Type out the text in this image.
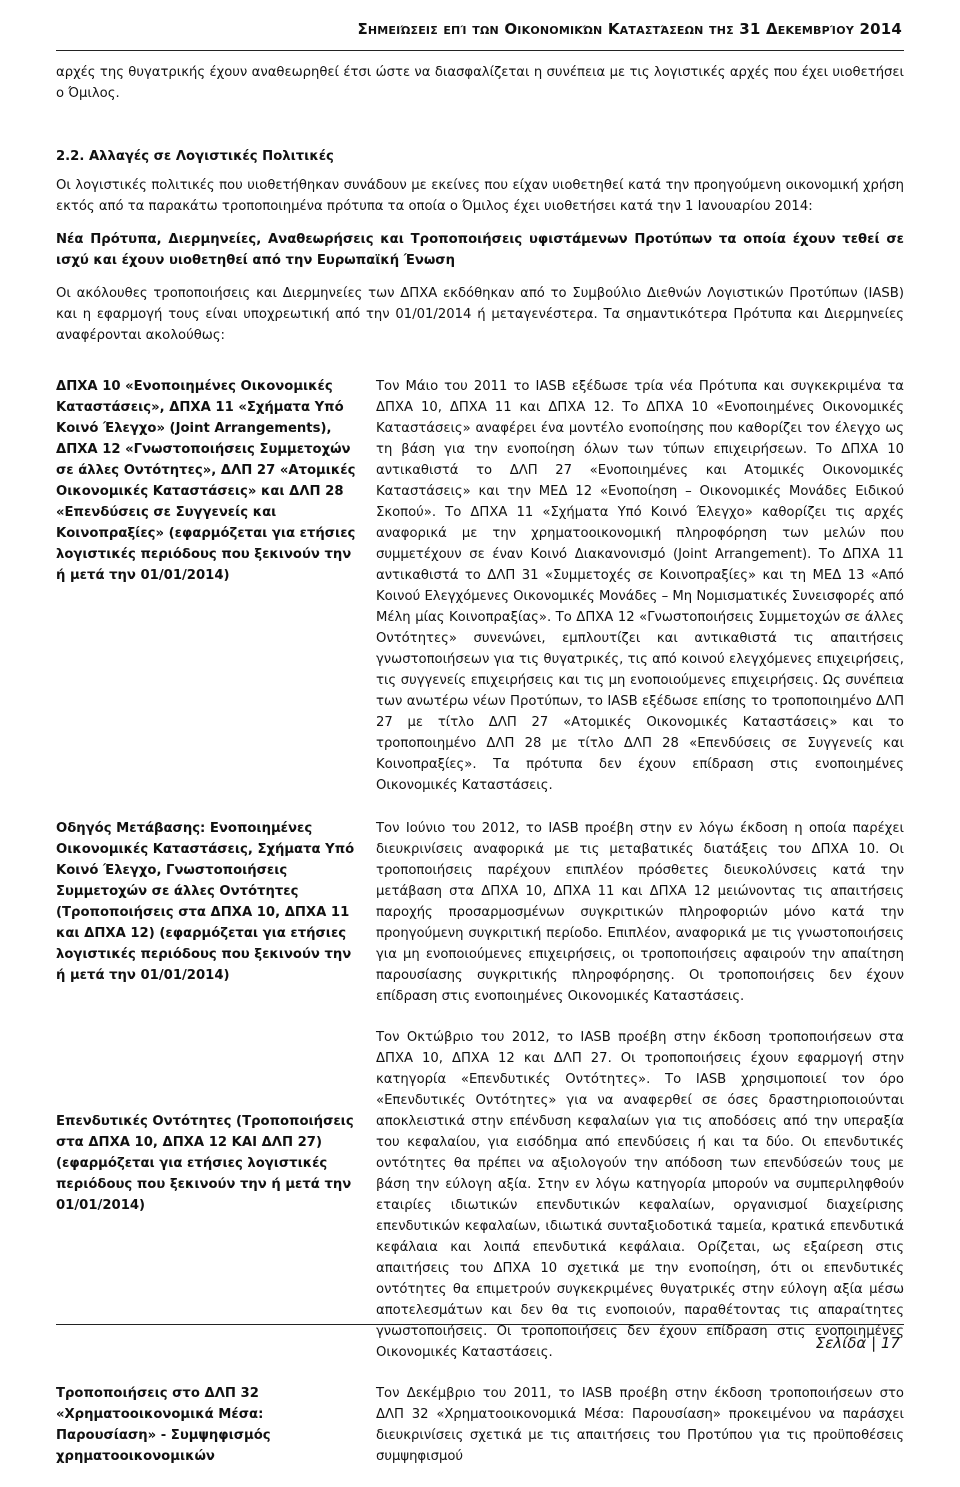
Σημειώσεις επί των Οικονομικών Καταστάσεων της 31 Δεκεμβρίου 2014

αρχές της θυγατρικής έχουν αναθεωρηθεί έτσι ώστε να διασφαλίζεται η συνέπεια με τις λογιστικές αρχές που έχει υιοθετήσει ο Όμιλος.

2.2. Αλλαγές σε Λογιστικές Πολιτικές

Οι λογιστικές πολιτικές που υιοθετήθηκαν συνάδουν με εκείνες που είχαν υιοθετηθεί κατά την προηγούμενη οικονομική χρήση εκτός από τα παρακάτω τροποποιημένα πρότυπα τα οποία ο Όμιλος έχει υιοθετήσει κατά την 1 Ιανουαρίου 2014:

Νέα Πρότυπα, Διερμηνείες, Αναθεωρήσεις και Τροποποιήσεις υφιστάμενων Προτύπων τα οποία έχουν τεθεί σε ισχύ και έχουν υιοθετηθεί από την Ευρωπαϊκή Ένωση

Οι ακόλουθες τροποποιήσεις και Διερμηνείες των ΔΠΧΑ εκδόθηκαν από το Συμβούλιο Διεθνών Λογιστικών Προτύπων (IASB) και η εφαρμογή τους είναι υποχρεωτική από την 01/01/2014 ή μεταγενέστερα. Τα σημαντικότερα Πρότυπα και Διερμηνείες αναφέρονται ακολούθως:

ΔΠΧΑ 10 «Ενοποιημένες Οικονομικές Καταστάσεις», ΔΠΧΑ 11 «Σχήματα Υπό Κοινό Έλεγχο» (Joint Arrangements), ΔΠΧΑ 12 «Γνωστοποιήσεις Συμμετοχών σε άλλες Οντότητες», ΔΛΠ 27 «Ατομικές Οικονομικές Καταστάσεις» και ΔΛΠ 28 «Επενδύσεις σε Συγγενείς και Κοινοπραξίες» (εφαρμόζεται για ετήσιες λογιστικές περιόδους που ξεκινούν την ή μετά την 01/01/2014)
Τον Μάιο του 2011 το IASB εξέδωσε τρία νέα Πρότυπα και συγκεκριμένα τα ΔΠΧΑ 10, ΔΠΧΑ 11 και ΔΠΧΑ 12. Το ΔΠΧΑ 10 «Ενοποιημένες Οικονομικές Καταστάσεις» αναφέρει ένα μοντέλο ενοποίησης που καθορίζει τον έλεγχο ως τη βάση για την ενοποίηση όλων των τύπων επιχειρήσεων. Το ΔΠΧΑ 10 αντικαθιστά το ΔΛΠ 27 «Ενοποιημένες και Ατομικές Οικονομικές Καταστάσεις» και την ΜΕΔ 12 «Ενοποίηση – Οικονομικές Μονάδες Ειδικού Σκοπού». Το ΔΠΧΑ 11 «Σχήματα Υπό Κοινό Έλεγχο» καθορίζει τις αρχές αναφορικά με την χρηματοοικονομική πληροφόρηση των μελών που συμμετέχουν σε έναν Κοινό Διακανονισμό (Joint Arrangement). Το ΔΠΧΑ 11 αντικαθιστά το ΔΛΠ 31 «Συμμετοχές σε Κοινοπραξίες» και τη ΜΕΔ 13 «Από Κοινού Ελεγχόμενες Οικονομικές Μονάδες – Μη Νομισματικές Συνεισφορές από Μέλη μίας Κοινοπραξίας». Το ΔΠΧΑ 12 «Γνωστοποιήσεις Συμμετοχών σε άλλες Οντότητες» συνενώνει, εμπλουτίζει και αντικαθιστά τις απαιτήσεις γνωστοποιήσεων για τις θυγατρικές, τις από κοινού ελεγχόμενες επιχειρήσεις, τις συγγενείς επιχειρήσεις και τις μη ενοποιούμενες επιχειρήσεις. Ως συνέπεια των ανωτέρω νέων Προτύπων, το IASB εξέδωσε επίσης το τροποποιημένο ΔΛΠ 27 με τίτλο ΔΛΠ 27 «Ατομικές Οικονομικές Καταστάσεις» και το τροποποιημένο ΔΛΠ 28 με τίτλο ΔΛΠ 28 «Επενδύσεις σε Συγγενείς και Κοινοπραξίες». Τα πρότυπα δεν έχουν επίδραση στις ενοποιημένες Οικονομικές Καταστάσεις.
Οδηγός Μετάβασης: Ενοποιημένες Οικονομικές Καταστάσεις, Σχήματα Υπό Κοινό Έλεγχο, Γνωστοποιήσεις Συμμετοχών σε άλλες Οντότητες (Τροποποιήσεις στα ΔΠΧΑ 10, ΔΠΧΑ 11 και ΔΠΧΑ 12) (εφαρμόζεται για ετήσιες λογιστικές περιόδους που ξεκινούν την ή μετά την 01/01/2014)
Τον Ιούνιο του 2012, το IASB προέβη στην εν λόγω έκδοση η οποία παρέχει διευκρινίσεις αναφορικά με τις μεταβατικές διατάξεις του ΔΠΧΑ 10. Οι τροποποιήσεις παρέχουν επιπλέον πρόσθετες διευκολύνσεις κατά την μετάβαση στα ΔΠΧΑ 10, ΔΠΧΑ 11 και ΔΠΧΑ 12 μειώνοντας τις απαιτήσεις παροχής προσαρμοσμένων συγκριτικών πληροφοριών μόνο κατά την προηγούμενη συγκριτική περίοδο. Επιπλέον, αναφορικά με τις γνωστοποιήσεις για μη ενοποιούμενες επιχειρήσεις, οι τροποποιήσεις αφαιρούν την απαίτηση παρουσίασης συγκριτικής πληροφόρησης. Οι τροποποιήσεις δεν έχουν επίδραση στις ενοποιημένες Οικονομικές Καταστάσεις.
Επενδυτικές Οντότητες (Τροποποιήσεις στα ΔΠΧΑ 10, ΔΠΧΑ 12 ΚΑΙ ΔΛΠ 27) (εφαρμόζεται για ετήσιες λογιστικές περιόδους που ξεκινούν την ή μετά την 01/01/2014)
Τον Οκτώβριο του 2012, το IASB προέβη στην έκδοση τροποποιήσεων στα ΔΠΧΑ 10, ΔΠΧΑ 12 και ΔΛΠ 27. Οι τροποποιήσεις έχουν εφαρμογή στην κατηγορία «Επενδυτικές Οντότητες». Το IASB χρησιμοποιεί τον όρο «Επενδυτικές Οντότητες» για να αναφερθεί σε όσες δραστηριοποιούνται αποκλειστικά στην επένδυση κεφαλαίων για τις αποδόσεις από την υπεραξία του κεφαλαίου, για εισόδημα από επενδύσεις ή και τα δύο. Οι επενδυτικές οντότητες θα πρέπει να αξιολογούν την απόδοση των επενδύσεών τους με βάση την εύλογη αξία. Στην εν λόγω κατηγορία μπορούν να συμπεριληφθούν εταιρίες ιδιωτικών επενδυτικών κεφαλαίων, οργανισμοί διαχείρισης επενδυτικών κεφαλαίων, ιδιωτικά συνταξιοδοτικά ταμεία, κρατικά επενδυτικά κεφάλαια και λοιπά επενδυτικά κεφάλαια. Ορίζεται, ως εξαίρεση στις απαιτήσεις του ΔΠΧΑ 10 σχετικά με την ενοποίηση, ότι οι επενδυτικές οντότητες θα επιμετρούν συγκεκριμένες θυγατρικές στην εύλογη αξία μέσω αποτελεσμάτων και δεν θα τις ενοποιούν, παραθέτοντας τις απαραίτητες γνωστοποιήσεις. Οι τροποποιήσεις δεν έχουν επίδραση στις ενοποιημένες Οικονομικές Καταστάσεις.
Τροποποιήσεις στο ΔΛΠ 32 «Χρηματοοικονομικά Μέσα: Παρουσίαση» - Συμψηφισμός χρηματοοικονομικών
Τον Δεκέμβριο του 2011, το IASB προέβη στην έκδοση τροποποιήσεων στο ΔΛΠ 32 «Χρηματοοικονομικά Μέσα: Παρουσίαση» προκειμένου να παράσχει διευκρινίσεις σχετικά με τις απαιτήσεις του Προτύπου για τις προϋποθέσεις συμψηφισμού
Σελίδα | 17
